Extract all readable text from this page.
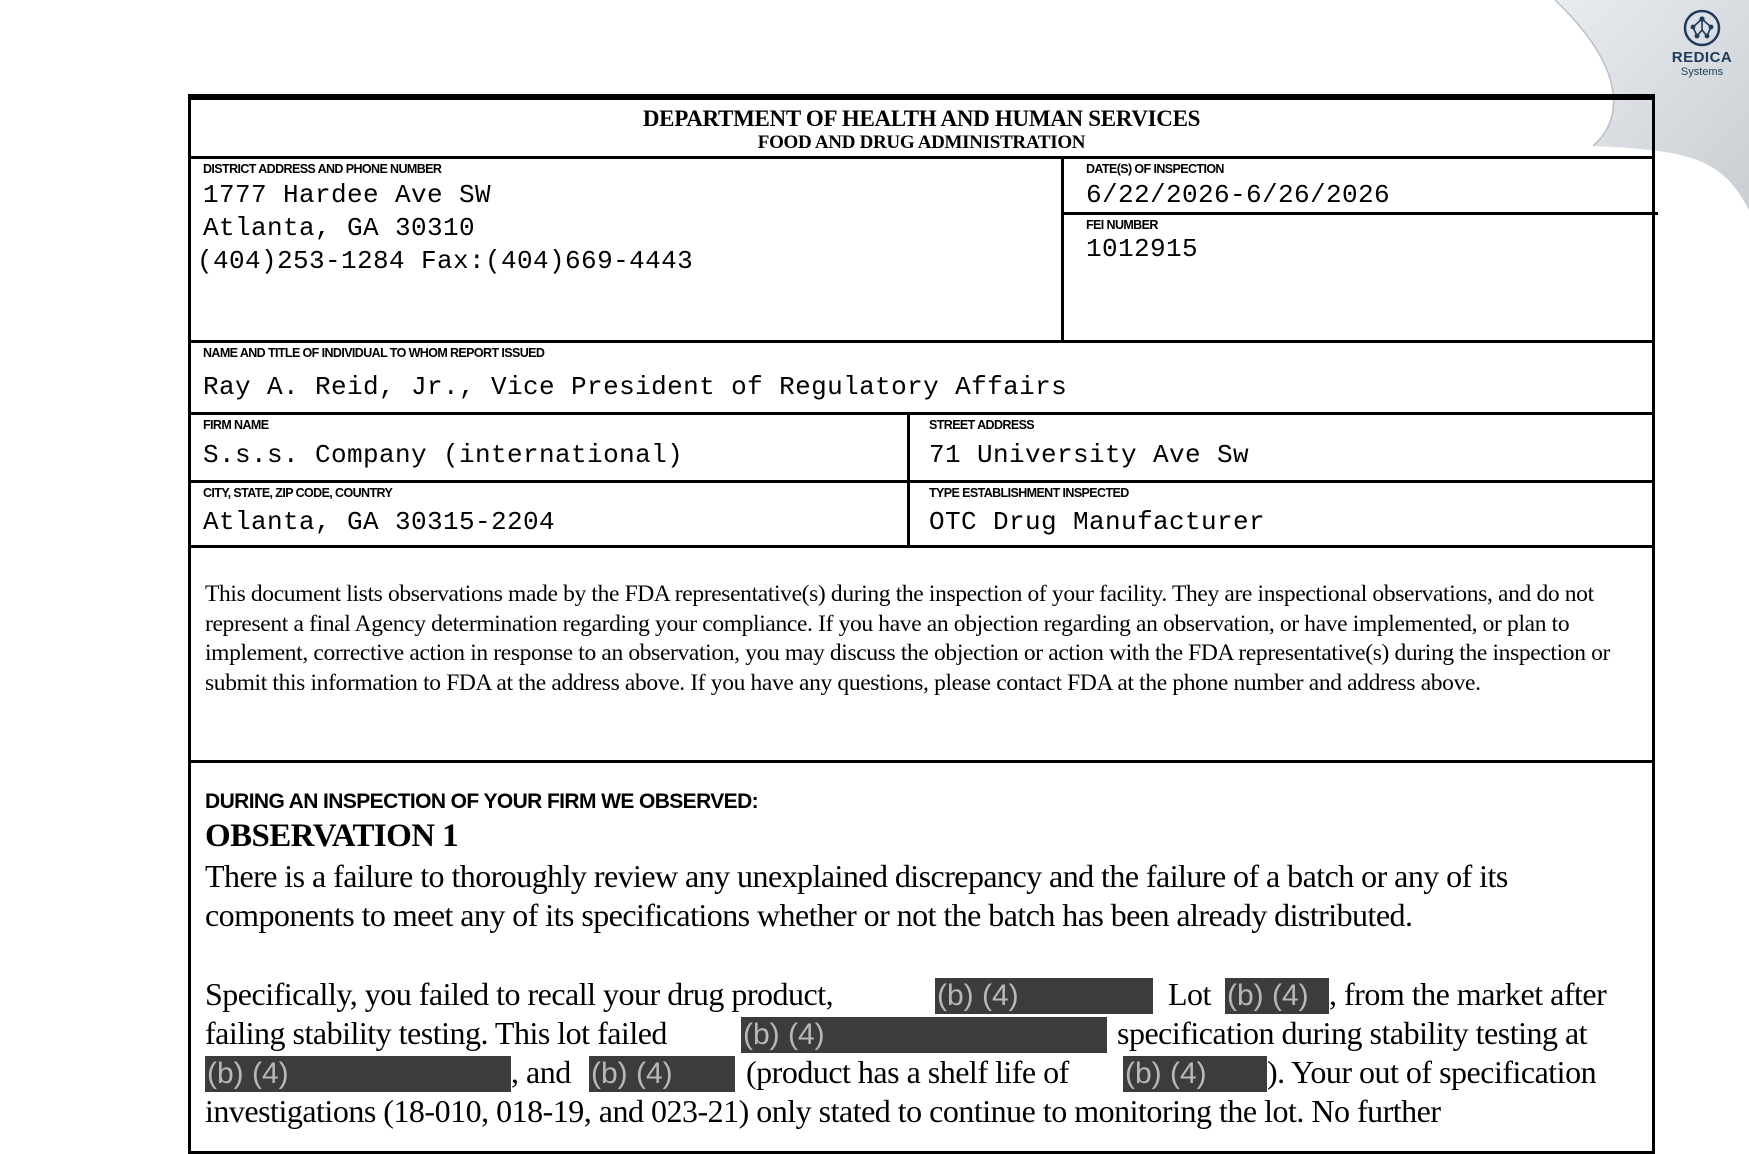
REDICA
Systems
DEPARTMENT OF HEALTH AND HUMAN SERVICES
FOOD AND DRUG ADMINISTRATION
DISTRICT ADDRESS AND PHONE NUMBER
1777 Hardee Ave SW
Atlanta, GA 30310
(404)253-1284 Fax:(404)669-4443
DATE(S) OF INSPECTION
6/22/2026-6/26/2026
FEI NUMBER
1012915
NAME AND TITLE OF INDIVIDUAL TO WHOM REPORT ISSUED
Ray A. Reid, Jr., Vice President of Regulatory Affairs
FIRM NAME
S.s.s. Company (international)
STREET ADDRESS
71 University Ave Sw
CITY, STATE, ZIP CODE, COUNTRY
Atlanta, GA 30315-2204
TYPE ESTABLISHMENT INSPECTED
OTC Drug Manufacturer
This document lists observations made by the FDA representative(s) during the inspection of your facility. They are inspectional observations, and do not represent a final Agency determination regarding your compliance. If you have an objection regarding an observation, or have implemented, or plan to implement, corrective action in response to an observation, you may discuss the objection or action with the FDA representative(s) during the inspection or submit this information to FDA at the address above. If you have any questions, please contact FDA at the phone number and address above.
DURING AN INSPECTION OF YOUR FIRM WE OBSERVED:
OBSERVATION 1
There is a failure to thoroughly review any unexplained discrepancy and the failure of a batch or any of its components to meet any of its specifications whether or not the batch has been already distributed.
Specifically, you failed to recall your drug product,	(b) (4)	Lot (b) (4) , from the market after
failing stability testing. This lot failed	(b) (4)	specification during stability testing at
(b) (4)	, and (b) (4)	(product has a shelf life of (b) (4)	). Your out of specification
investigations (18-010, 018-19, and 023-21) only stated to continue to monitoring the lot. No further
